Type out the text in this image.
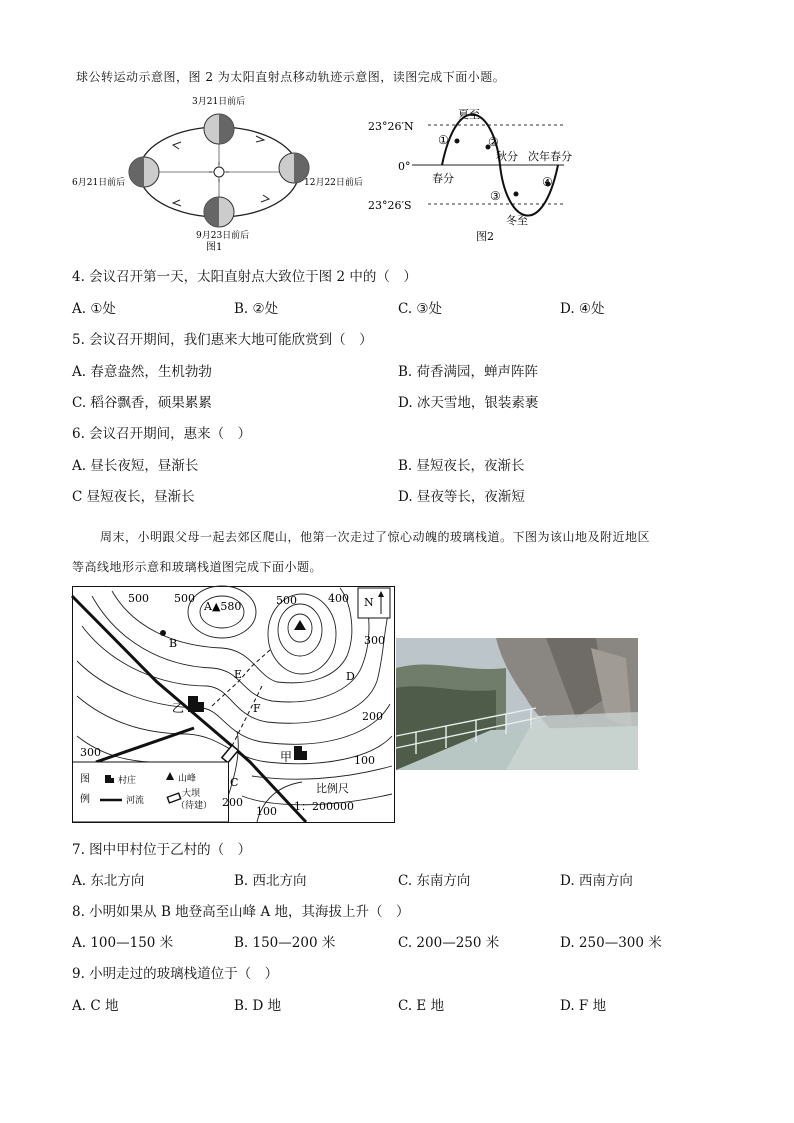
球公转运动示意图，图 2 为太阳直射点移动轨迹示意图，读图完成下面小题。
3月21日前后
6月21日前后	12月22日前后
9月23日前后
图1
23°26′N
0°
23°26′S
夏至
秋分 次年春分
春分
冬至
①	②
③
④
图2
4. 会议召开第一天，太阳直射点大致位于图 2 中的（　）
A. ①处	B. ②处	C. ③处	D. ④处
5. 会议召开期间，我们惠来大地可能欣赏到（　）
A. 春意盎然，生机勃勃	B. 荷香满园，蝉声阵阵
C. 稻谷飘香，硕果累累	D. 冰天雪地，银装素裹
6. 会议召开期间，惠来（　）
A. 昼长夜短，昼渐长	B. 昼短夜长，夜渐长
C 昼短夜长，昼渐长	D. 昼夜等长，夜渐短
周末，小明跟父母一起去郊区爬山，他第一次走过了惊心动魄的玻璃栈道。下图为该山地及附近地区
等高线地形示意和玻璃栈道图完成下面小题。
500 500
A▲580	500	400 N
300
B
E	D
乙	F
200
300	甲	100
C
200
100
图
例
村庄	山峰
河流
大坝
（待建）
比例尺
1：200000
7. 图中甲村位于乙村的（　）
A. 东北方向	B. 西北方向	C. 东南方向	D. 西南方向
8. 小明如果从 B 地登高至山峰 A 地，其海拔上升（　）
A. 100—150 米	B. 150—200 米	C. 200—250 米	D. 250—300 米
9. 小明走过的玻璃栈道位于（　）
A. C 地	B. D 地	C. E 地	D. F 地
